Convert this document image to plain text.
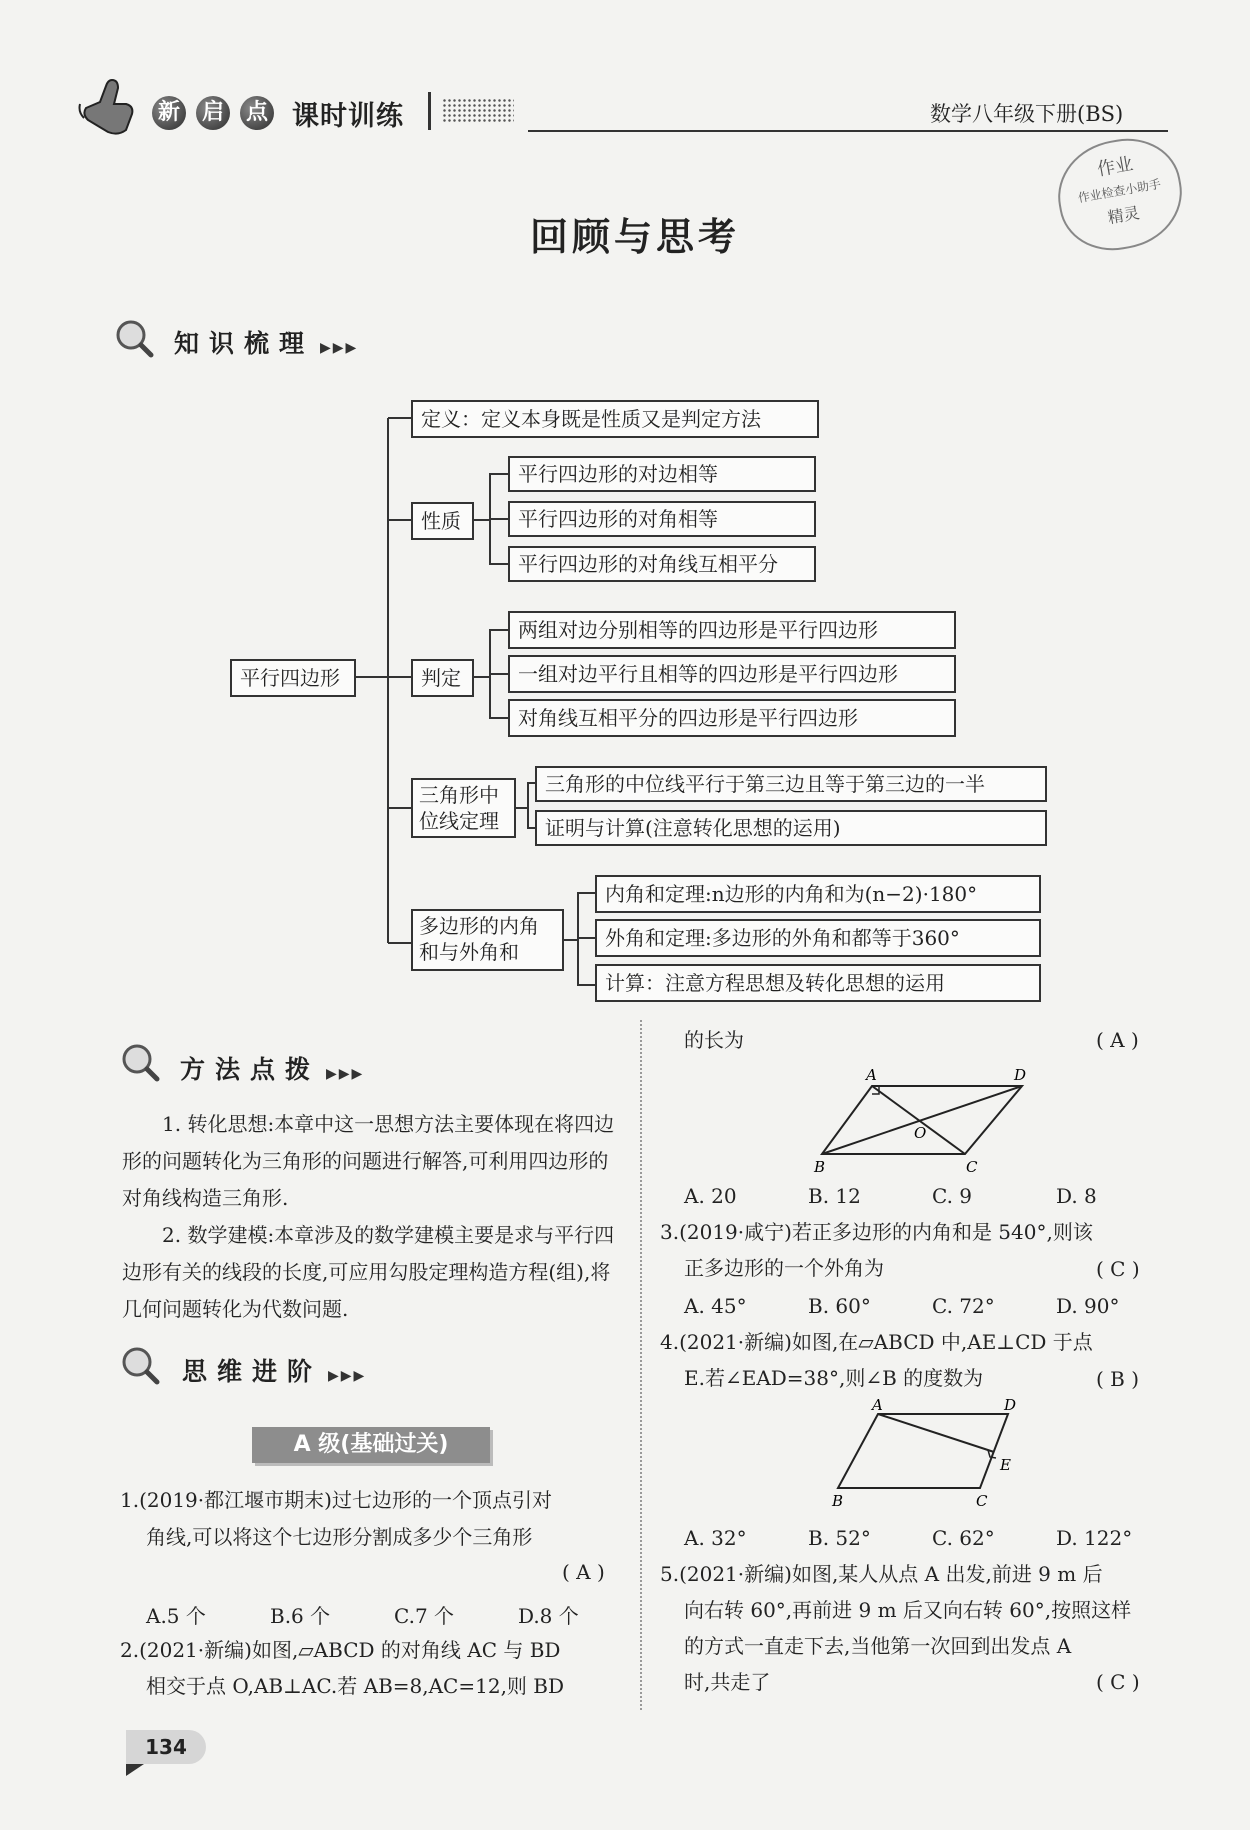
新 启 点 课时训练	数学八年级下册(BS)
作业
作业检查小助手
精灵
回顾与思考
知识梳理 ▶▶▶
平行四边形
定义：定义本身既是性质又是判定方法
性质
平行四边形的对边相等
平行四边形的对角相等
平行四边形的对角线互相平分
判定
两组对边分别相等的四边形是平行四边形
一组对边平行且相等的四边形是平行四边形
对角线互相平分的四边形是平行四边形
三角形中位线定理
三角形的中位线平行于第三边且等于第三边的一半
证明与计算(注意转化思想的运用)
多边形的内角和与外角和
内角和定理:n边形的内角和为(n−2)·180°
外角和定理:多边形的外角和都等于360°
计算：注意方程思想及转化思想的运用
方法点拨 ▶▶▶
1. 转化思想:本章中这一思想方法主要体现在将四边形的问题转化为三角形的问题进行解答,可利用四边形的对角线构造三角形.
2. 数学建模:本章涉及的数学建模主要是求与平行四边形有关的线段的长度,可应用勾股定理构造方程(组),将几何问题转化为代数问题.
思维进阶 ▶▶▶
A 级(基础过关)
1.(2019·都江堰市期末)过七边形的一个顶点引对
角线,可以将这个七边形分割成多少个三角形
( A )
A.5 个	B.6 个	C.7 个	D.8 个
2.(2021·新编)如图,▱ABCD 的对角线 AC 与 BD
相交于点 O,AB⊥AC.若 AB=8,AC=12,则 BD
134
的长为	( A )
A	D
B	C
O
A. 20	B. 12	C. 9	D. 8
3.(2019·咸宁)若正多边形的内角和是 540°,则该
正多边形的一个外角为	( C )
A. 45°	B. 60°	C. 72°	D. 90°
4.(2021·新编)如图,在▱ABCD 中,AE⊥CD 于点
E.若∠EAD=38°,则∠B 的度数为	( B )
A	D
B	C
E
A. 32°	B. 52°	C. 62°	D. 122°
5.(2021·新编)如图,某人从点 A 出发,前进 9 m 后
向右转 60°,再前进 9 m 后又向右转 60°,按照这样
的方式一直走下去,当他第一次回到出发点 A
时,共走了	( C )
